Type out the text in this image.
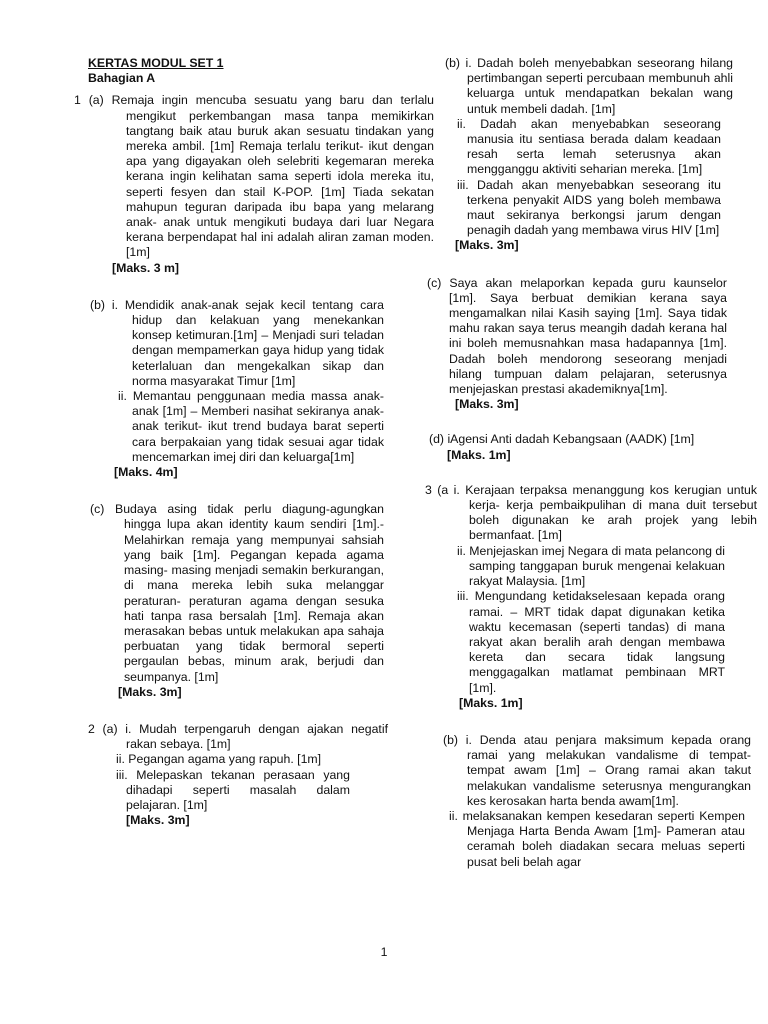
KERTAS MODUL SET 1

Bahagian A

1 (a) Remaja ingin mencuba sesuatu yang baru dan terlalu mengikut perkembangan masa tanpa memikirkan tangtang baik atau buruk akan sesuatu tindakan yang mereka ambil. [1m] Remaja terlalu terikut- ikut dengan apa yang digayakan oleh selebriti kegemaran mereka kerana ingin kelihatan sama seperti idola mereka itu, seperti fesyen dan stail K-POP. [1m] Tiada sekatan mahupun teguran daripada ibu bapa yang melarang anak- anak untuk mengikuti budaya dari luar Negara kerana berpendapat hal ini adalah aliran zaman moden. [1m]

[Maks. 3 m]

(b) i. Mendidik anak-anak sejak kecil tentang cara hidup dan kelakuan yang menekankan konsep ketimuran.[1m] – Menjadi suri teladan dengan mempamerkan gaya hidup yang tidak keterlaluan dan mengekalkan sikap dan norma masyarakat Timur [1m]

ii. Memantau penggunaan media massa anak- anak [1m] – Memberi nasihat sekiranya anak-anak terikut- ikut trend budaya barat seperti cara berpakaian yang tidak sesuai agar tidak mencemarkan imej diri dan keluarga[1m]

[Maks. 4m]

(c) Budaya asing tidak perlu diagung-agungkan hingga lupa akan identity kaum sendiri [1m].- Melahirkan remaja yang mempunyai sahsiah yang baik [1m]. Pegangan kepada agama masing- masing menjadi semakin berkurangan, di mana mereka lebih suka melanggar peraturan- peraturan agama dengan sesuka hati tanpa rasa bersalah [1m]. Remaja akan merasakan bebas untuk melakukan apa sahaja perbuatan yang tidak bermoral seperti pergaulan bebas, minum arak, berjudi dan seumpanya. [1m]

[Maks. 3m]

2 (a) i. Mudah terpengaruh dengan ajakan negatif rakan sebaya. [1m]

ii. Pegangan agama yang rapuh. [1m]

iii. Melepaskan tekanan perasaan yang dihadapi seperti masalah dalam pelajaran. [1m]

[Maks. 3m]

(b) i. Dadah boleh menyebabkan seseorang hilang pertimbangan seperti percubaan membunuh ahli keluarga untuk mendapatkan bekalan wang untuk membeli dadah. [1m]

ii. Dadah akan menyebabkan seseorang manusia itu sentiasa berada dalam keadaan resah serta lemah seterusnya akan mengganggu aktiviti seharian mereka. [1m]

iii. Dadah akan menyebabkan seseorang itu terkena penyakit AIDS yang boleh membawa maut sekiranya berkongsi jarum dengan penagih dadah yang membawa virus HIV [1m]

[Maks. 3m]

(c) Saya akan melaporkan kepada guru kaunselor [1m]. Saya berbuat demikian kerana saya mengamalkan nilai Kasih saying [1m]. Saya tidak mahu rakan saya terus meangih dadah kerana hal ini boleh memusnahkan masa hadapannya [1m]. Dadah boleh mendorong seseorang menjadi hilang tumpuan dalam pelajaran, seterusnya menjejaskan prestasi akademiknya[1m].

[Maks. 3m]

(d) iAgensi Anti dadah Kebangsaan (AADK) [1m]

[Maks. 1m]

3 (a i. Kerajaan terpaksa menanggung kos kerugian untuk kerja- kerja pembaikpulihan di mana duit tersebut boleh digunakan ke arah projek yang lebih bermanfaat. [1m]

ii. Menjejaskan imej Negara di mata pelancong di samping tanggapan buruk mengenai kelakuan rakyat Malaysia. [1m]

iii. Mengundang ketidakselesaan kepada orang ramai. – MRT tidak dapat digunakan ketika waktu kecemasan (seperti tandas) di mana rakyat akan beralih arah dengan membawa kereta dan secara tidak langsung menggagalkan matlamat pembinaan MRT [1m].

[Maks. 1m]

(b) i. Denda atau penjara maksimum kepada orang ramai yang melakukan vandalisme di tempat- tempat awam [1m] – Orang ramai akan takut melakukan vandalisme seterusnya mengurangkan kes kerosakan harta benda awam[1m].

ii. melaksanakan kempen kesedaran seperti Kempen Menjaga Harta Benda Awam [1m]- Pameran atau ceramah boleh diadakan secara meluas seperti pusat beli belah agar

1
